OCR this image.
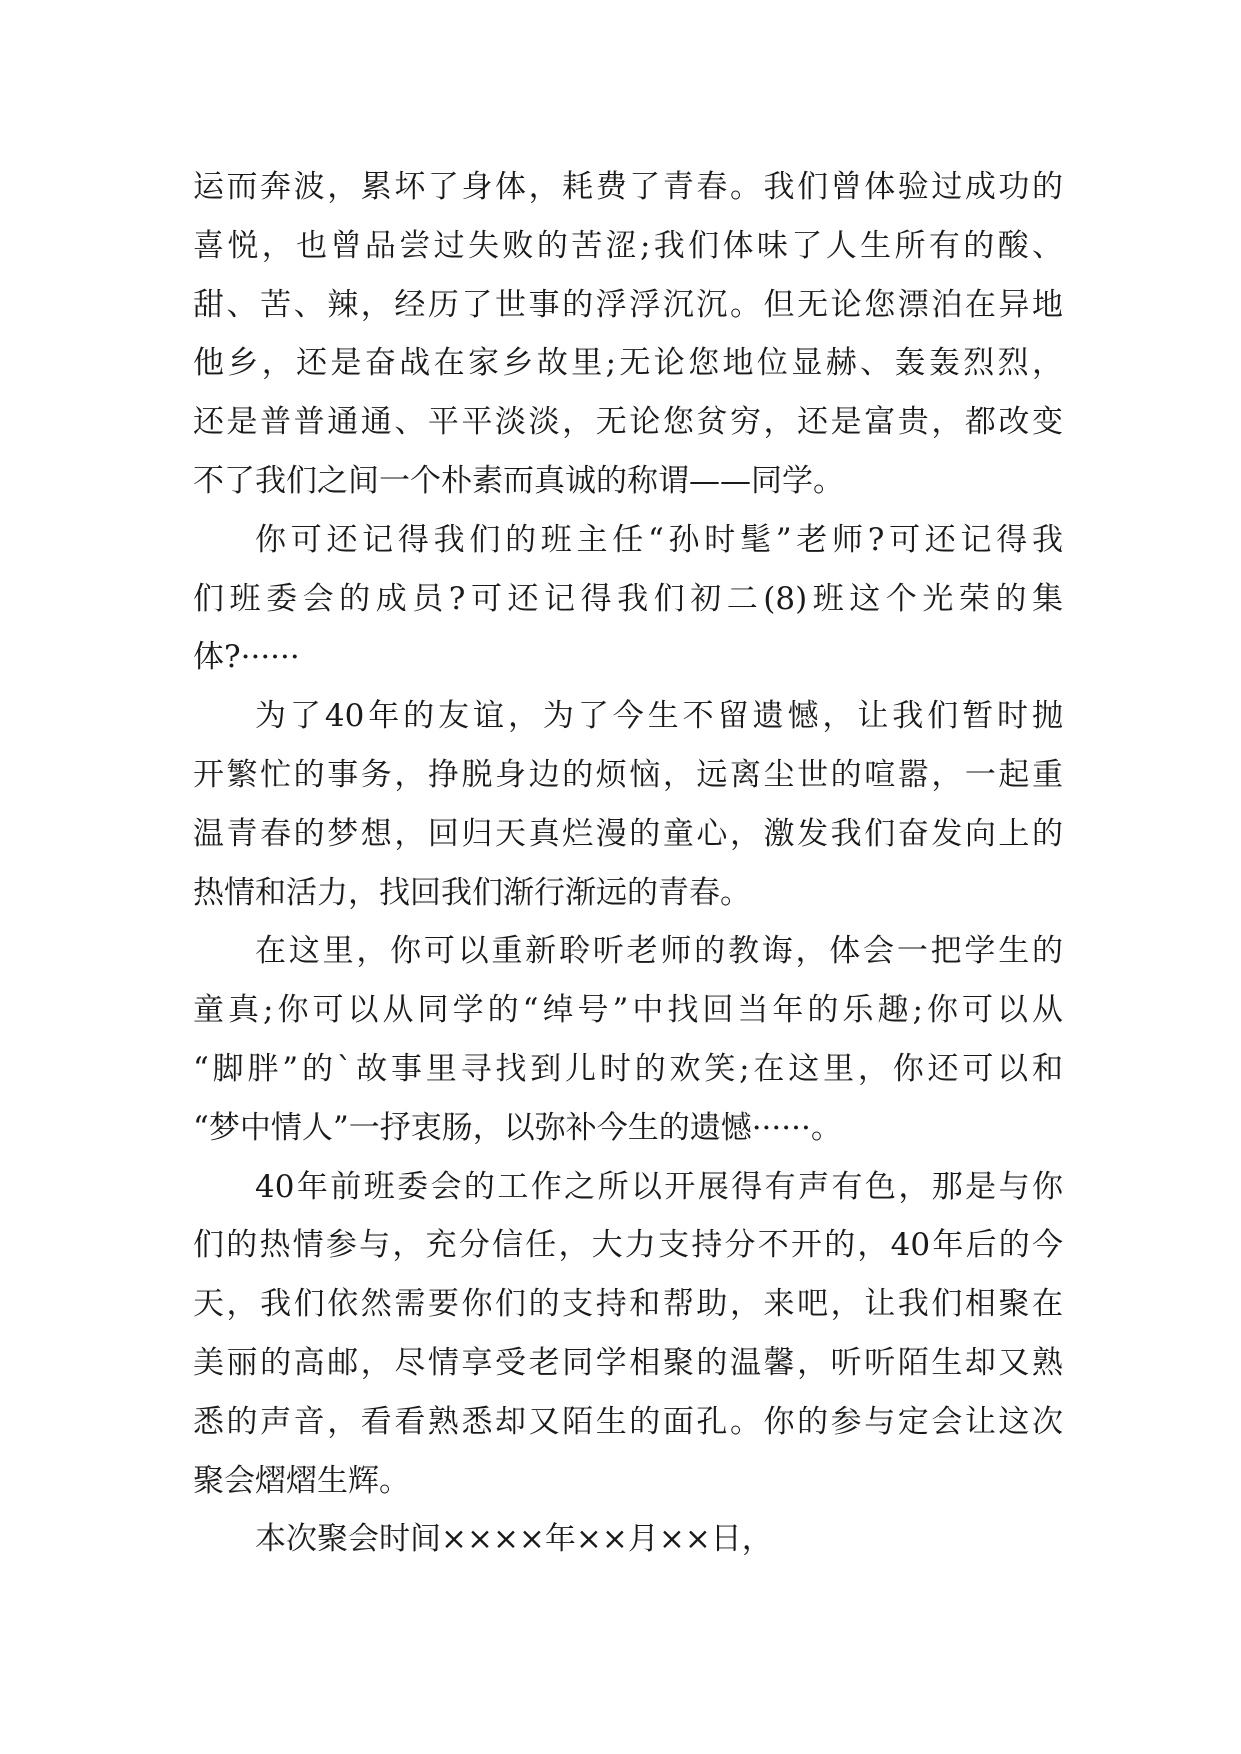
运而奔波，累坏了身体，耗费了青春。我们曾体验过成功的
喜悦，也曾品尝过失败的苦涩;我们体味了人生所有的酸、
甜、苦、辣，经历了世事的浮浮沉沉。但无论您漂泊在异地
他乡，还是奋战在家乡故里;无论您地位显赫、轰轰烈烈，
还是普普通通、平平淡淡，无论您贫穷，还是富贵，都改变
不了我们之间一个朴素而真诚的称谓——同学。
你可还记得我们的班主任“孙时髦”老师?可还记得我
们班委会的成员?可还记得我们初二(8)班这个光荣的集
体?······
为了40年的友谊，为了今生不留遗憾，让我们暂时抛
开繁忙的事务，挣脱身边的烦恼，远离尘世的喧嚣，一起重
温青春的梦想，回归天真烂漫的童心，激发我们奋发向上的
热情和活力，找回我们渐行渐远的青春。
在这里，你可以重新聆听老师的教诲，体会一把学生的
童真;你可以从同学的“绰号”中找回当年的乐趣;你可以从
“脚胖”的`故事里寻找到儿时的欢笑;在这里，你还可以和
“梦中情人”一抒衷肠，以弥补今生的遗憾······。
40年前班委会的工作之所以开展得有声有色，那是与你
们的热情参与，充分信任，大力支持分不开的，40年后的今
天，我们依然需要你们的支持和帮助，来吧，让我们相聚在
美丽的高邮，尽情享受老同学相聚的温馨，听听陌生却又熟
悉的声音，看看熟悉却又陌生的面孔。你的参与定会让这次
聚会熠熠生辉。
本次聚会时间××××年××月××日，
